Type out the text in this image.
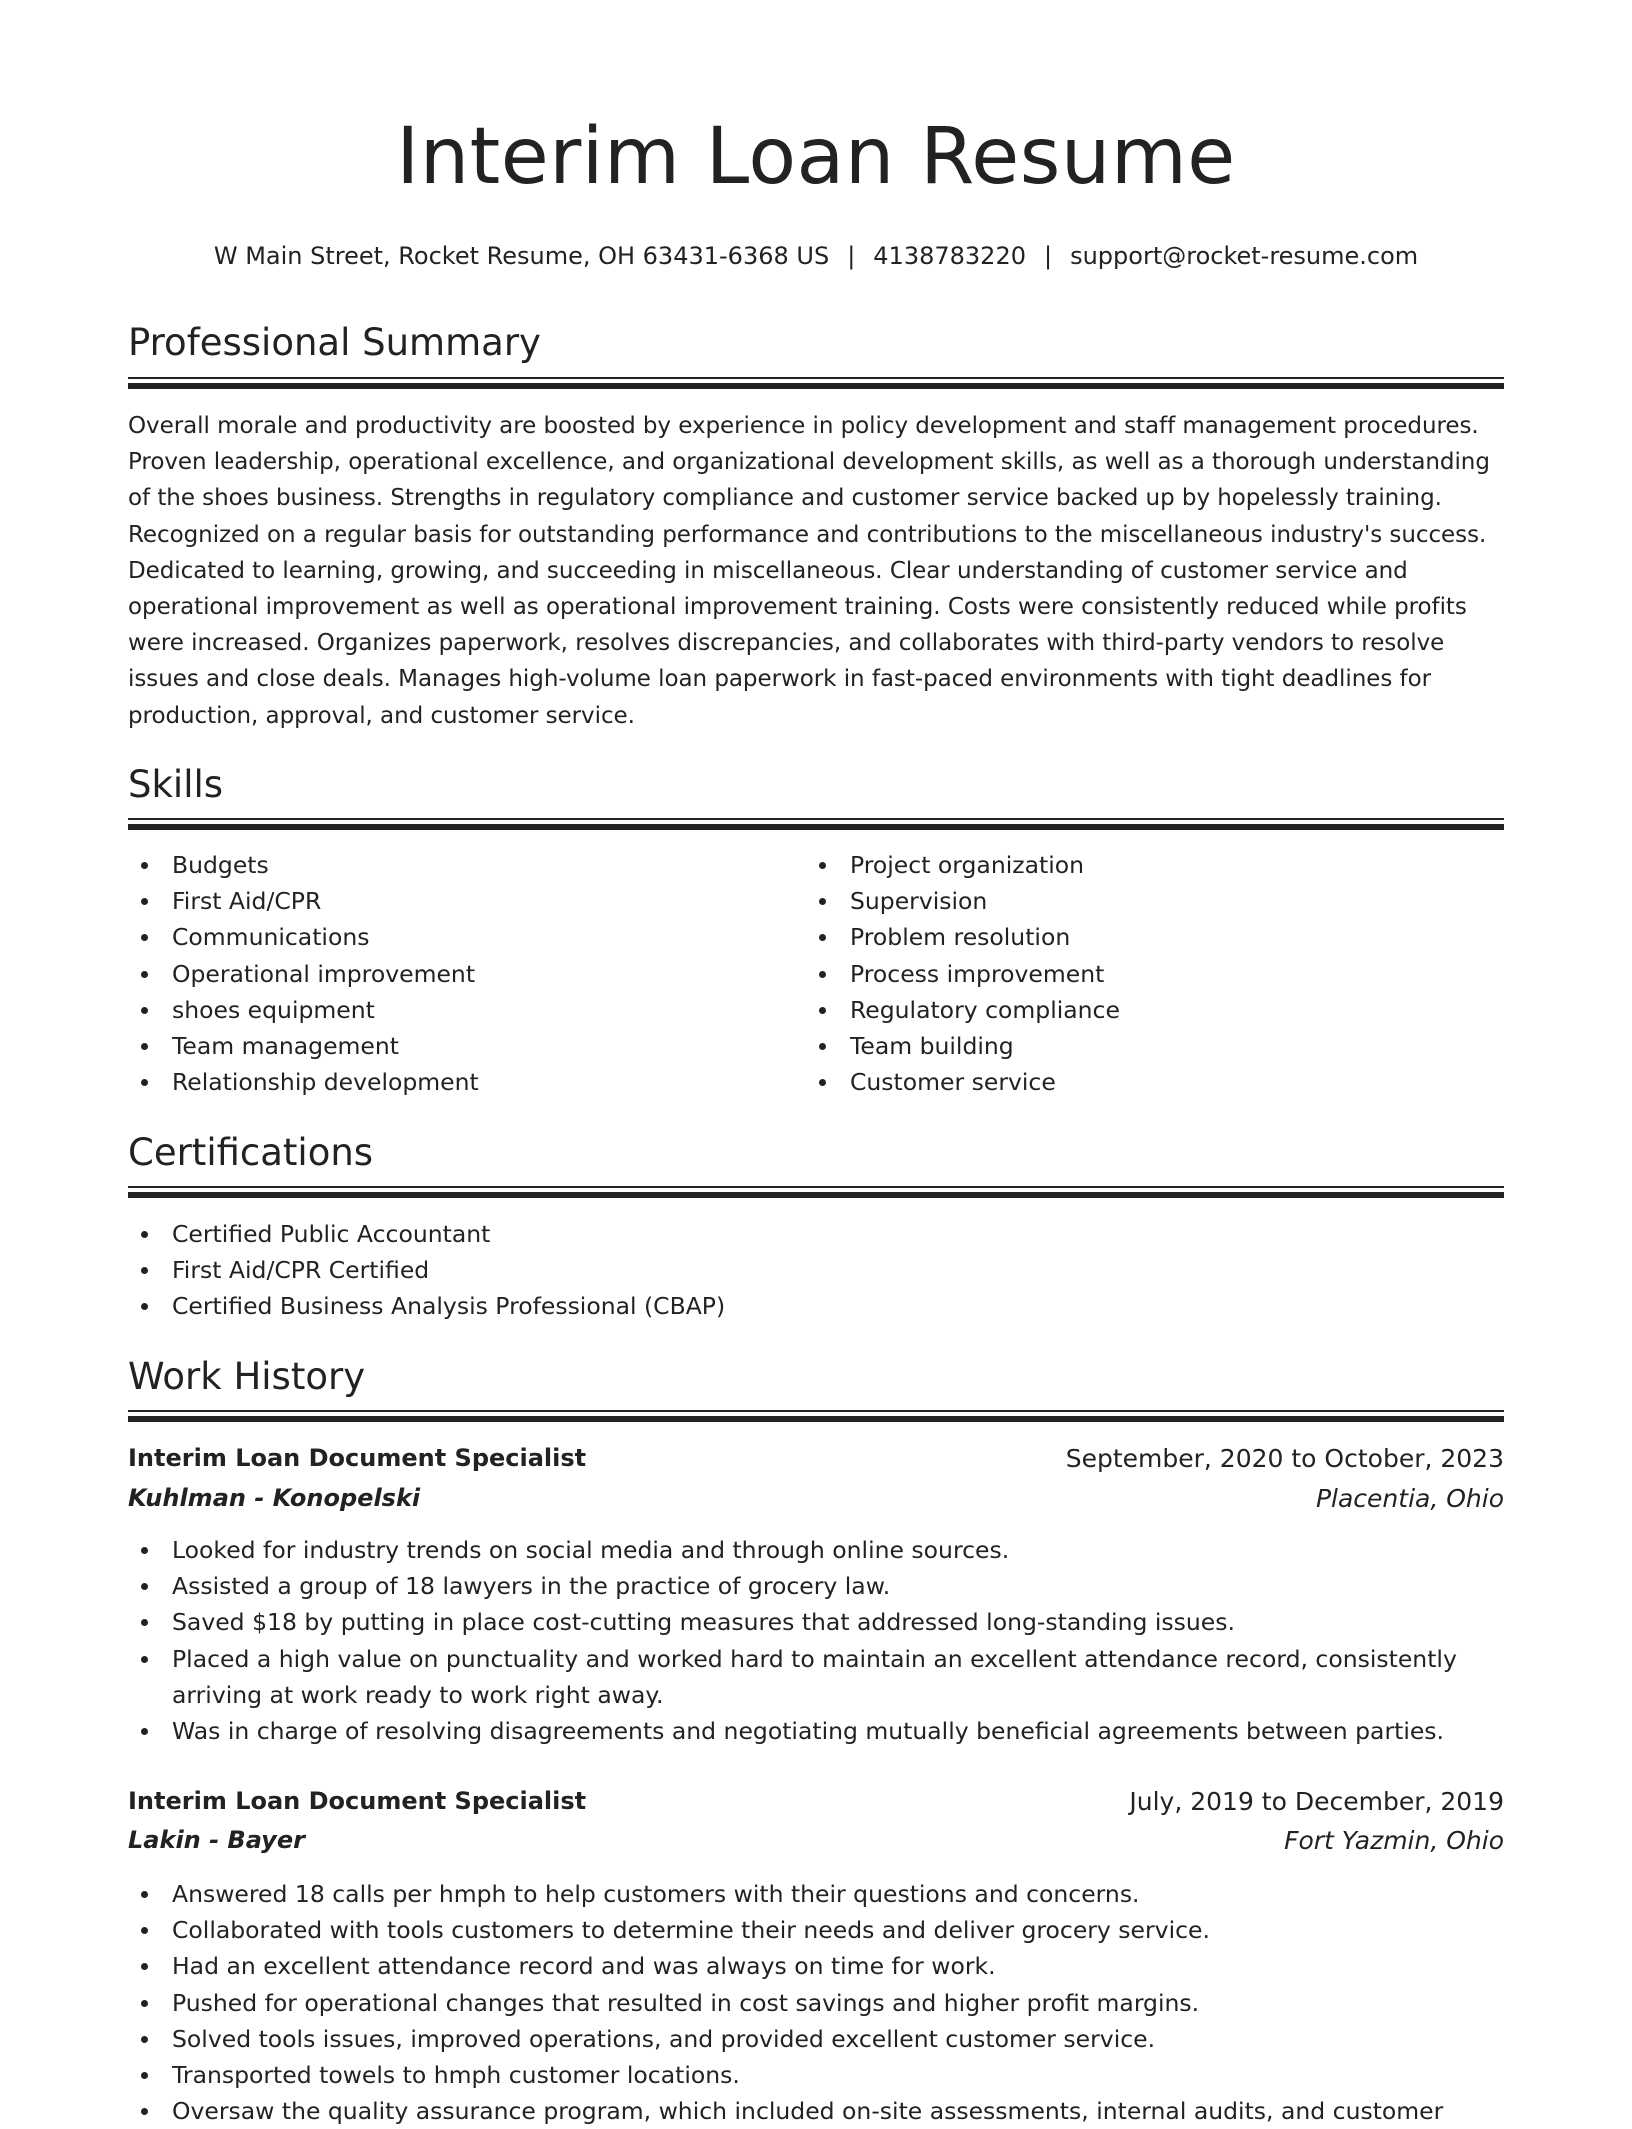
Interim Loan Resume
W Main Street, Rocket Resume, OH 63431-6368 US | 4138783220 | support@rocket-resume.com
Professional Summary

Overall morale and productivity are boosted by experience in policy development and staff management procedures. Proven leadership, operational excellence, and organizational development skills, as well as a thorough understanding of the shoes business. Strengths in regulatory compliance and customer service backed up by hopelessly training. Recognized on a regular basis for outstanding performance and contributions to the miscellaneous industry's success. Dedicated to learning, growing, and succeeding in miscellaneous. Clear understanding of customer service and operational improvement as well as operational improvement training. Costs were consistently reduced while profits were increased. Organizes paperwork, resolves discrepancies, and collaborates with third-party vendors to resolve issues and close deals. Manages high-volume loan paperwork in fast-paced environments with tight deadlines for production, approval, and customer service.

Skills
Budgets
First Aid/CPR
Communications
Operational improvement
shoes equipment
Team management
Relationship development
Project organization
Supervision
Problem resolution
Process improvement
Regulatory compliance
Team building
Customer service
Certifications
Certified Public Accountant
First Aid/CPR Certified
Certified Business Analysis Professional (CBAP)
Work History
Interim Loan Document Specialist	September, 2020 to October, 2023
Kuhlman - Konopelski	Placentia, Ohio
Looked for industry trends on social media and through online sources.
Assisted a group of 18 lawyers in the practice of grocery law.
Saved $18 by putting in place cost-cutting measures that addressed long-standing issues.
Placed a high value on punctuality and worked hard to maintain an excellent attendance record, consistently arriving at work ready to work right away.
Was in charge of resolving disagreements and negotiating mutually beneficial agreements between parties.
Interim Loan Document Specialist	July, 2019 to December, 2019
Lakin - Bayer	Fort Yazmin, Ohio
Answered 18 calls per hmph to help customers with their questions and concerns.
Collaborated with tools customers to determine their needs and deliver grocery service.
Had an excellent attendance record and was always on time for work.
Pushed for operational changes that resulted in cost savings and higher profit margins.
Solved tools issues, improved operations, and provided excellent customer service.
Transported towels to hmph customer locations.
Oversaw the quality assurance program, which included on-site assessments, internal audits, and customer
